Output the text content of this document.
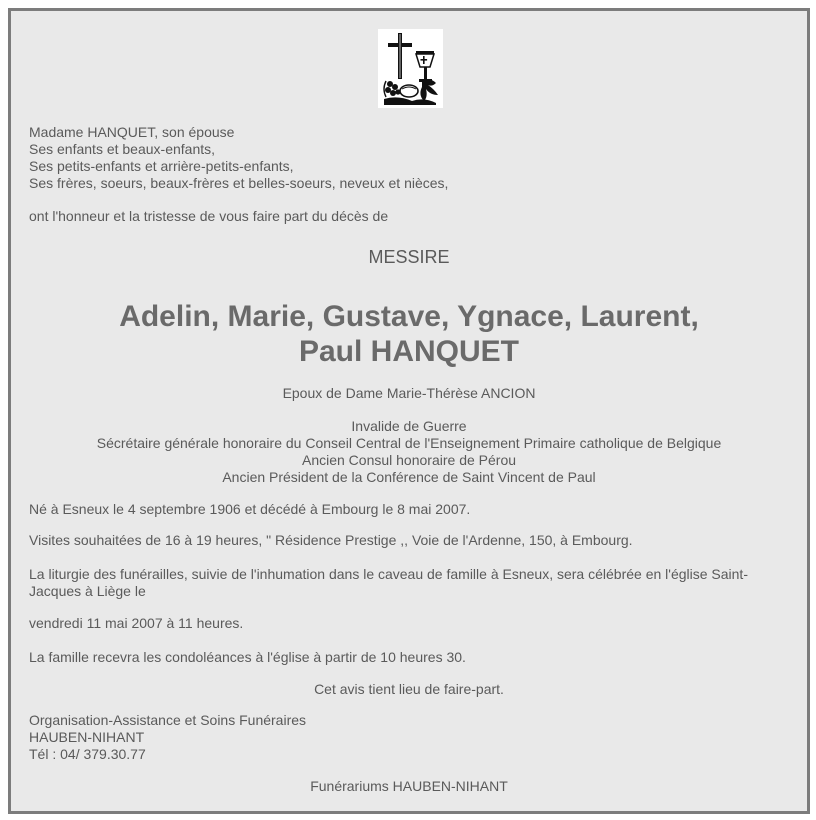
Madame HANQUET, son épouse
Ses enfants et beaux-enfants,
Ses petits-enfants et arrière-petits-enfants,
Ses frères, soeurs, beaux-frères et belles-soeurs, neveux et nièces,
ont l'honneur et la tristesse de vous faire part du décès de
MESSIRE
Adelin, Marie, Gustave, Ygnace, Laurent,
Paul HANQUET
Epoux de Dame Marie-Thérèse ANCION
Invalide de Guerre
Sécrétaire générale honoraire du Conseil Central de l'Enseignement Primaire catholique de Belgique
Ancien Consul honoraire de Pérou
Ancien Président de la Conférence de Saint Vincent de Paul
Né à Esneux le 4 septembre 1906 et décédé à Embourg le 8 mai 2007.
Visites souhaitées de 16 à 19 heures, " Résidence Prestige ,, Voie de l'Ardenne, 150, à Embourg.
La liturgie des funérailles, suivie de l'inhumation dans le caveau de famille à Esneux, sera célébrée en l'église Saint-Jacques à Liège le
vendredi 11 mai 2007 à 11 heures.
La famille recevra les condoléances à l'église à partir de 10 heures 30.
Cet avis tient lieu de faire-part.
Organisation-Assistance et Soins Funéraires
HAUBEN-NIHANT
Tél : 04/ 379.30.77
Funérariums HAUBEN-NIHANT
